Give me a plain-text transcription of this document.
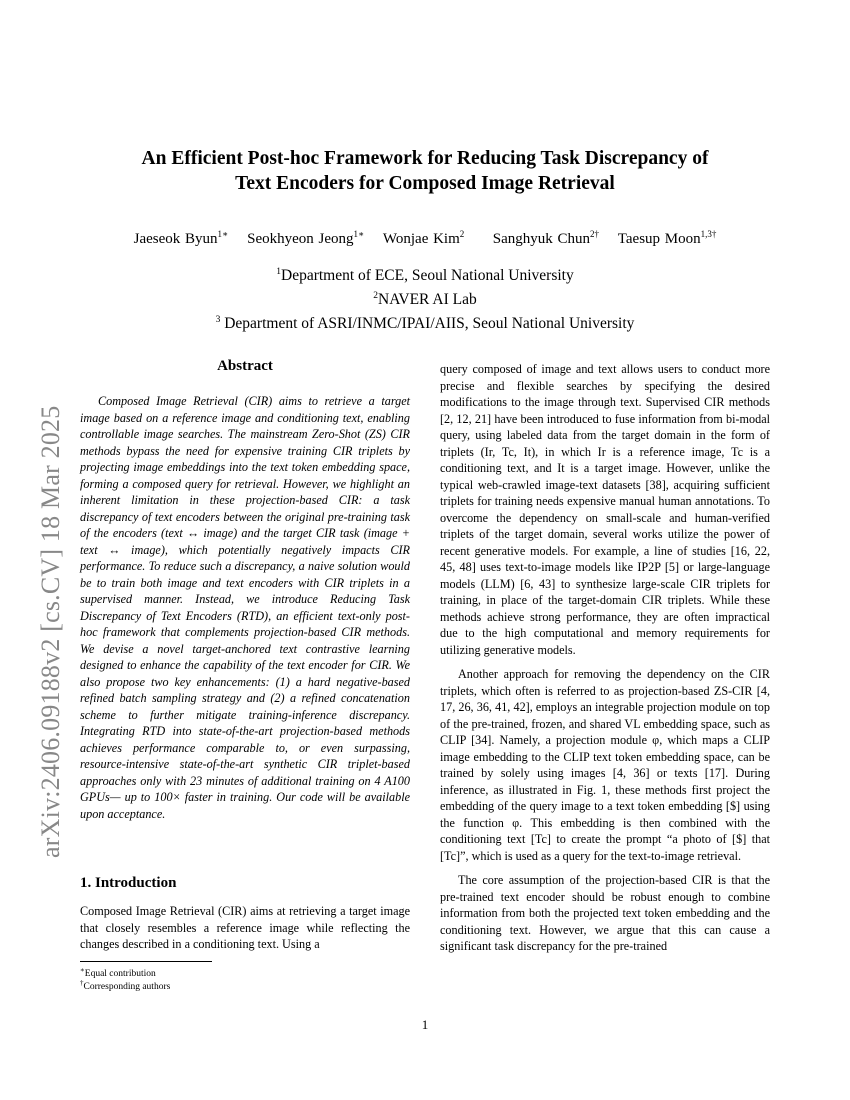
An Efficient Post-hoc Framework for Reducing Task Discrepancy of
Text Encoders for Composed Image Retrieval
Jaeseok Byun$^{1∗}$ Seokhyeon Jeong$^{1∗}$ Wonjae Kim$^2$ Sanghyuk Chun$^{2\dagger}$ Taesup Moon$^{1,3\dagger}$
$^1$Department of ECE, Seoul National University
$^2$NAVER AI Lab
$^3$ Department of ASRI/INMC/IPAI/AIIS, Seoul National University
arXiv:2406.09188v2 [cs.CV] 18 Mar 2025
Abstract
Composed Image Retrieval (CIR) aims to retrieve a target image based on a reference image and conditioning text, enabling controllable image searches. The mainstream Zero-Shot (ZS) CIR methods bypass the need for expensive training CIR triplets by projecting image embeddings into the text token embedding space, forming a composed query for retrieval. However, we highlight an inherent limitation in these projection-based CIR: a task discrepancy of text encoders between the original pre-training task of the encoders (text ↔ image) and the target CIR task (image + text ↔ image), which potentially negatively impacts CIR performance. To reduce such a discrepancy, a naive solution would be to train both image and text encoders with CIR triplets in a supervised manner. Instead, we introduce Reducing Task Discrepancy of Text Encoders (RTD), an efficient text-only post-hoc framework that complements projection-based CIR methods. We devise a novel target-anchored text contrastive learning designed to enhance the capability of the text encoder for CIR. We also propose two key enhancements: (1) a hard negative-based refined batch sampling strategy and (2) a refined concatenation scheme to further mitigate training-inference discrepancy. Integrating RTD into state-of-the-art projection-based methods achieves performance comparable to, or even surpassing, resource-intensive state-of-the-art synthetic CIR triplet-based approaches only with 23 minutes of additional training on 4 A100 GPUs— up to 100× faster in training. Our code will be available upon acceptance.
1. Introduction
Composed Image Retrieval (CIR) aims at retrieving a target image that closely resembles a reference image while reflecting the changes described in a conditioning text. Using a
∗Equal contribution
†Corresponding authors

query composed of image and text allows users to conduct more precise and flexible searches by specifying the desired modifications to the image through text. Supervised CIR methods [2, 12, 21] have been introduced to fuse information from bi-modal query, using labeled data from the target domain in the form of triplets (Ir, Tc, It), in which Ir is a reference image, Tc is a conditioning text, and It is a target image. However, unlike the typical web-crawled image-text datasets [38], acquiring sufficient triplets for training needs expensive manual human annotations. To overcome the dependency on small-scale and human-verified triplets of the target domain, several works utilize the power of recent generative models. For example, a line of studies [16, 22, 45, 48] uses text-to-image models like IP2P [5] or large-language models (LLM) [6, 43] to synthesize large-scale CIR triplets for training, in place of the target-domain CIR triplets. While these methods achieve strong performance, they are often impractical due to the high computational and memory requirements for utilizing generative models.

Another approach for removing the dependency on the CIR triplets, which often is referred to as projection-based ZS-CIR [4, 17, 26, 36, 41, 42], employs an integrable projection module on top of the pre-trained, frozen, and shared VL embedding space, such as CLIP [34]. Namely, a projection module φ, which maps a CLIP image embedding to the CLIP text token embedding space, can be trained by solely using images [4, 36] or texts [17]. During inference, as illustrated in Fig. 1, these methods first project the embedding of the query image to a text token embedding [$] using the function φ. This embedding is then combined with the conditioning text [Tc] to create the prompt “a photo of [$] that [Tc]”, which is used as a query for the text-to-image retrieval.

The core assumption of the projection-based CIR is that the pre-trained text encoder should be robust enough to combine information from both the projected text token embedding and the conditioning text. However, we argue that this can cause a significant task discrepancy for the pre-trained

1
